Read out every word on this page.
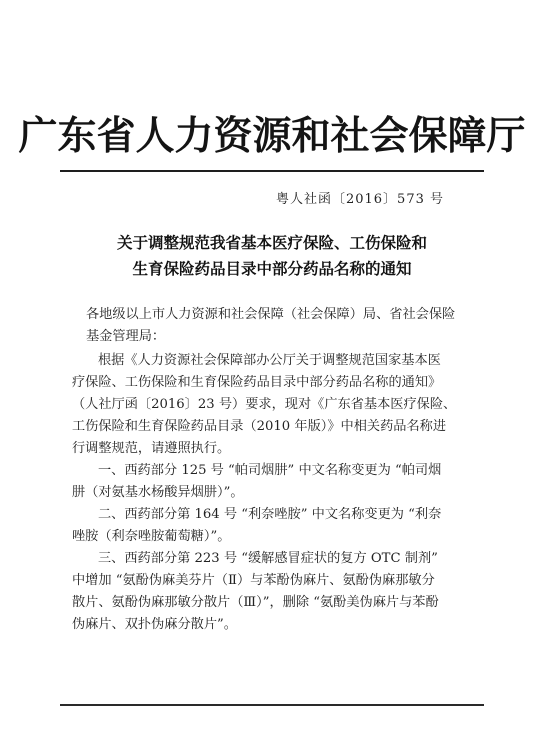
广东省人力资源和社会保障厅
粤人社函〔2016〕573 号
关于调整规范我省基本医疗保险、工伤保险和
生育保险药品目录中部分药品名称的通知
各地级以上市人力资源和社会保障（社会保障）局、省社会保险
基金管理局：
根据《人力资源社会保障部办公厅关于调整规范国家基本医
疗保险、工伤保险和生育保险药品目录中部分药品名称的通知》
（人社厅函〔2016〕23 号）要求，现对《广东省基本医疗保险、
工伤保险和生育保险药品目录（2010 年版）》中相关药品名称进
行调整规范，请遵照执行。
一、西药部分 125 号 “帕司烟肼” 中文名称变更为 “帕司烟
肼（对氨基水杨酸异烟肼）”。
二、西药部分第 164 号 “利奈唑胺” 中文名称变更为 “利奈
唑胺（利奈唑胺葡萄糖）”。
三、西药部分第 223 号 “缓解感冒症状的复方 OTC 制剂”
中增加 “氨酚伪麻美芬片（Ⅱ）与苯酚伪麻片、氨酚伪麻那敏分
散片、氨酚伪麻那敏分散片（Ⅲ）”，删除 “氨酚美伪麻片与苯酚
伪麻片、双扑伪麻分散片”。
